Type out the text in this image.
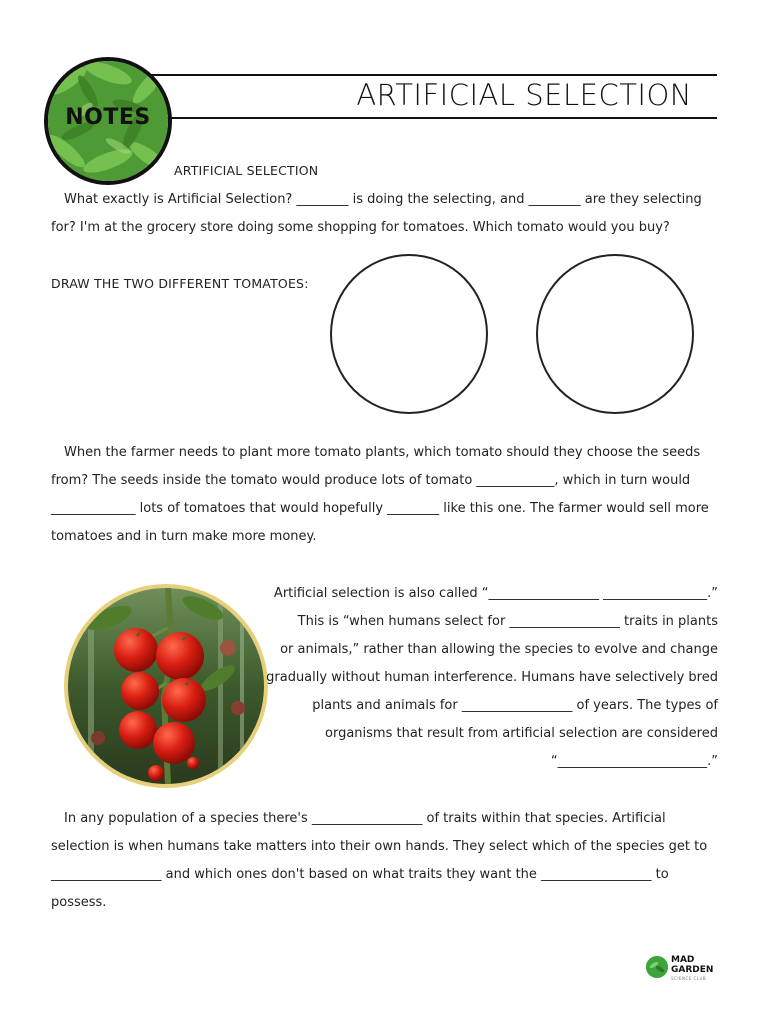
ARTIFICIAL SELECTION
NOTES
ARTIFICIAL SELECTION
What exactly is Artificial Selection? ________ is doing the selecting, and ________ are they selecting
for? I'm at the grocery store doing some shopping for tomatoes. Which tomato would you buy?
DRAW THE TWO DIFFERENT TOMATOES:
When the farmer needs to plant more tomato plants, which tomato should they choose the seeds
from? The seeds inside the tomato would produce lots of tomato ____________, which in turn would
_____________ lots of tomatoes that would hopefully ________ like this one. The farmer would sell more
tomatoes and in turn make more money.
Artificial selection is also called “_________________ ________________.”
This is “when humans select for _________________ traits in plants
or animals,” rather than allowing the species to evolve and change
gradually without human interference. Humans have selectively bred
plants and animals for _________________ of years. The types of
organisms that result from artificial selection are considered
“_______________________.”
In any population of a species there's _________________ of traits within that species. Artificial
selection is when humans take matters into their own hands. They select which of the species get to
_________________ and which ones don't based on what traits they want the _________________ to
possess.
MAD
GARDEN
SCIENCE CLUB
